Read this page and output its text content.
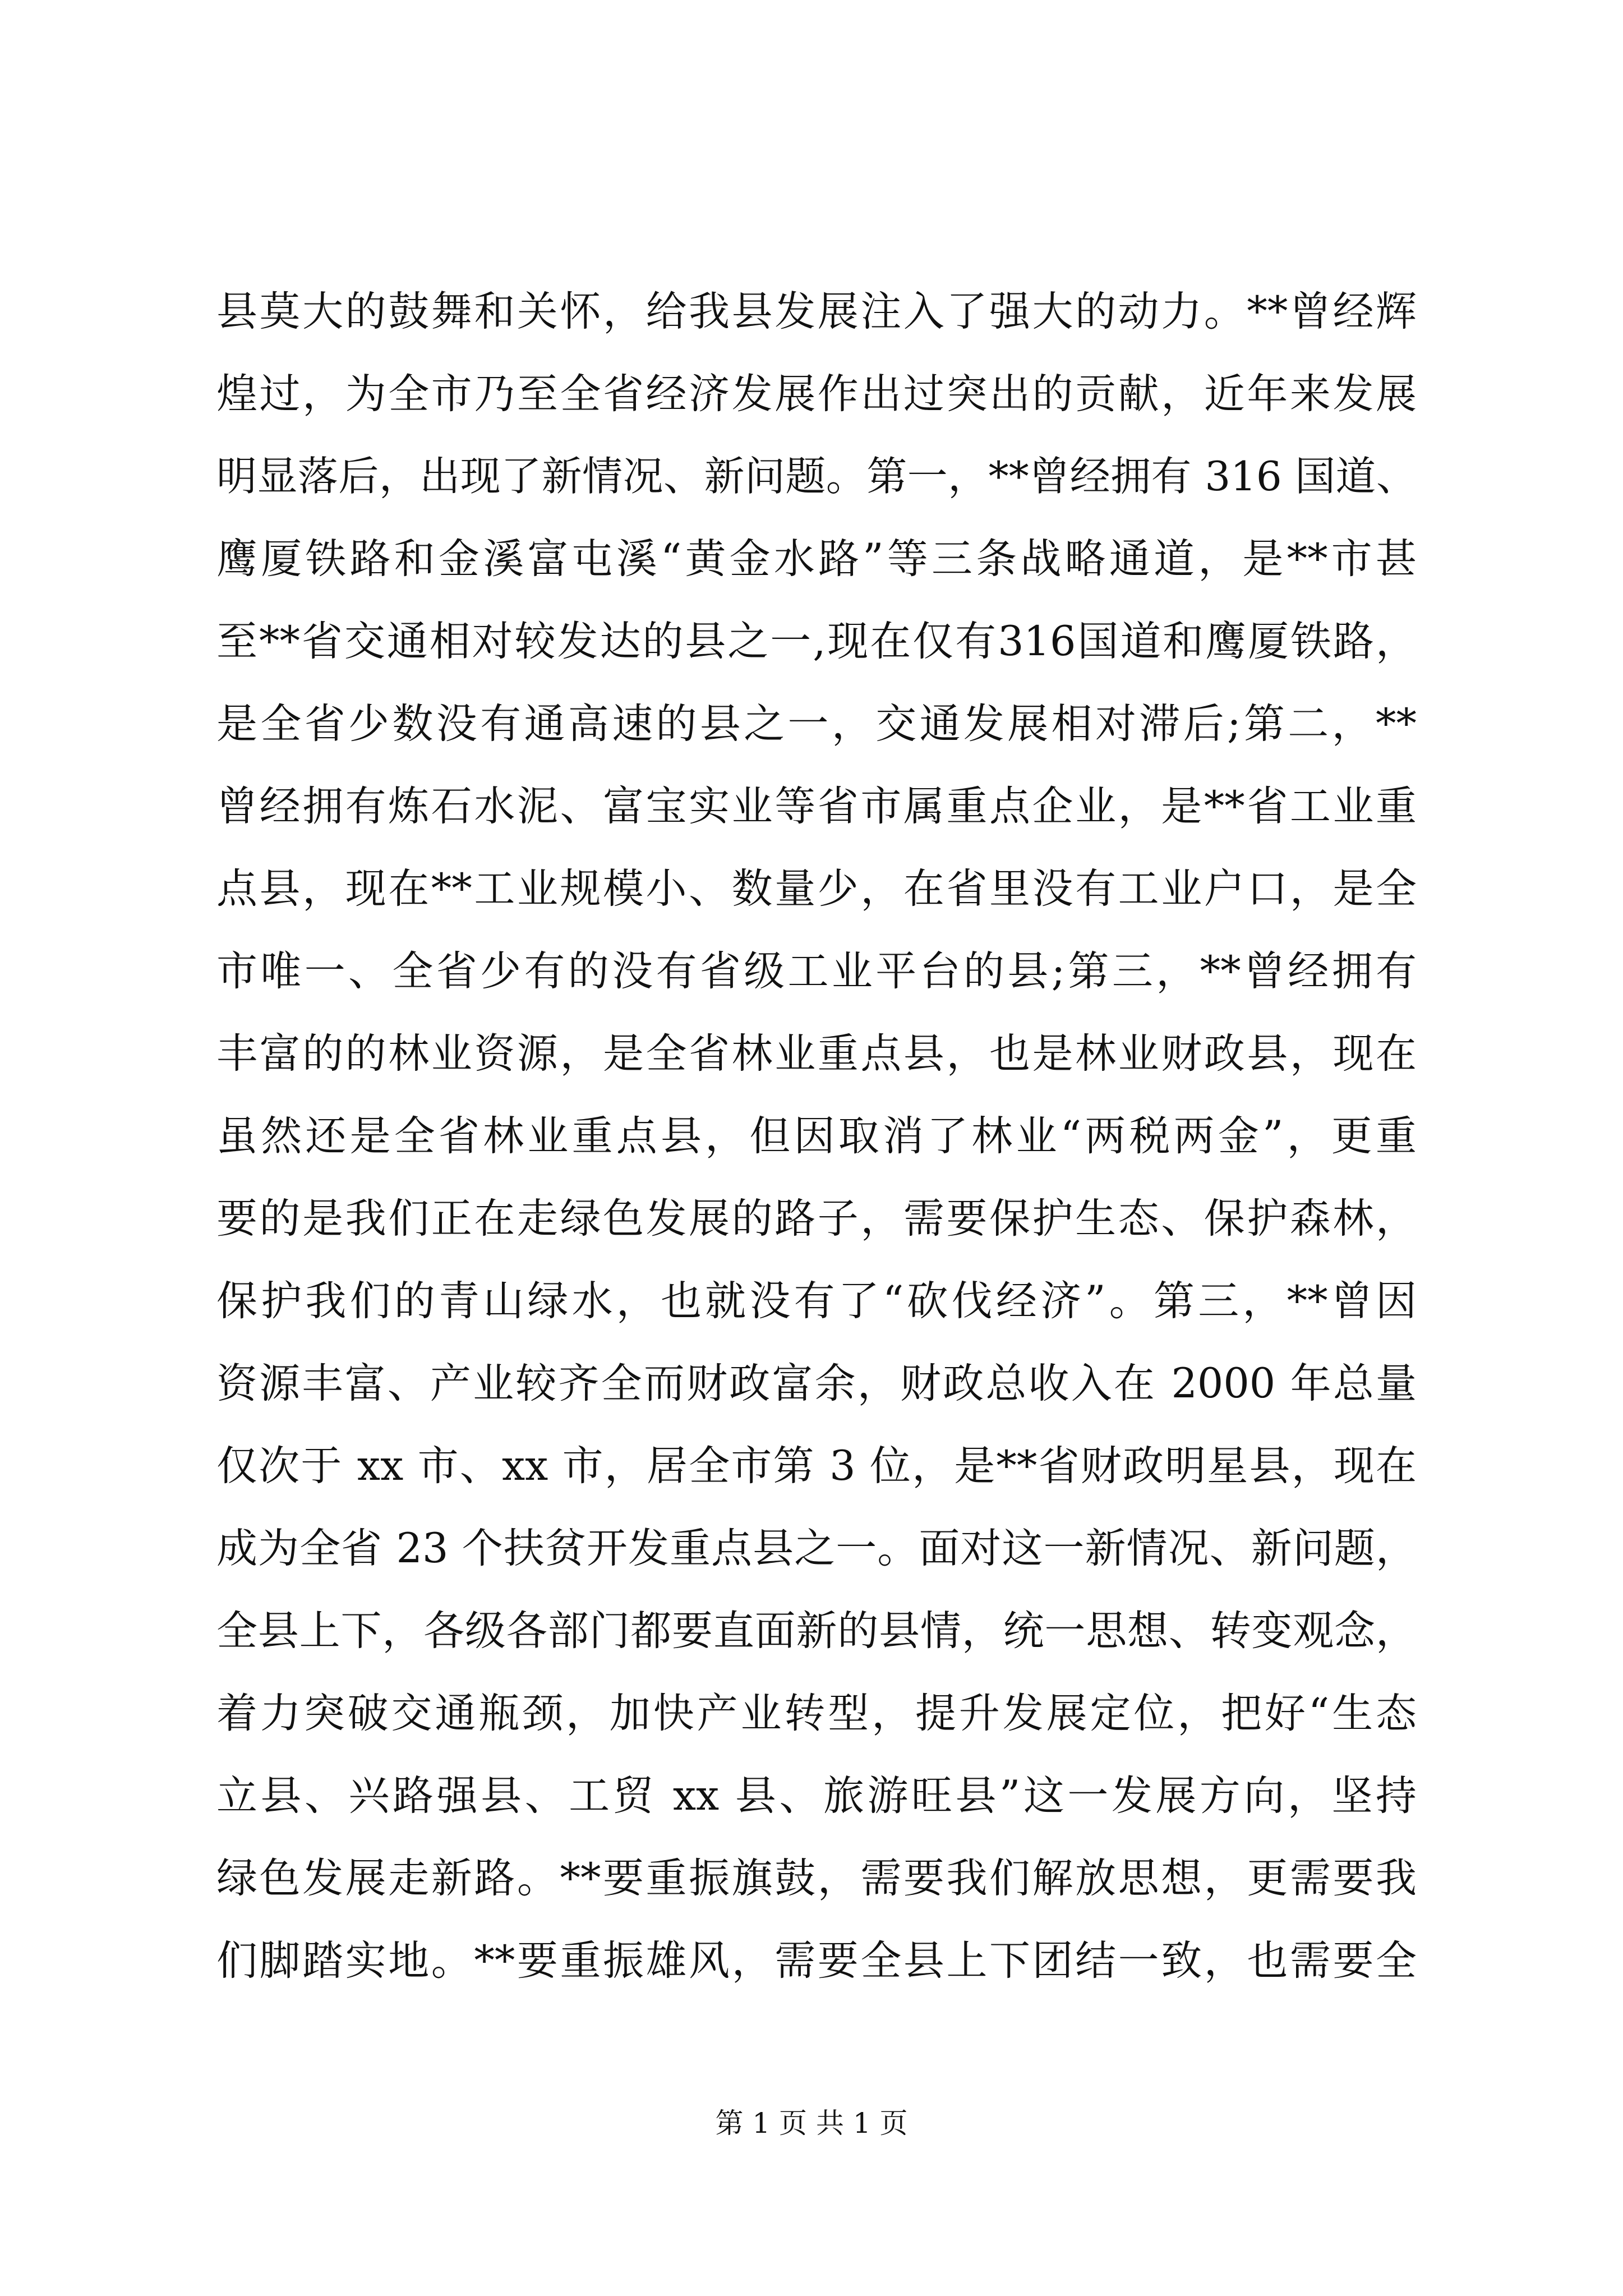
县莫大的鼓舞和关怀，给我县发展注入了强大的动力。**曾经辉
煌过，为全市乃至全省经济发展作出过突出的贡献，近年来发展
明显落后，出现了新情况、新问题。第一，**曾经拥有 316 国道、
鹰厦铁路和金溪富屯溪“黄金水路”等三条战略通道，是**市甚
至**省交通相对较发达的县之一,现在仅有316国道和鹰厦铁路，
是全省少数没有通高速的县之一，交通发展相对滞后;第二，**
曾经拥有炼石水泥、富宝实业等省市属重点企业，是**省工业重
点县，现在**工业规模小、数量少，在省里没有工业户口，是全
市唯一、全省少有的没有省级工业平台的县;第三，**曾经拥有
丰富的的林业资源，是全省林业重点县，也是林业财政县，现在
虽然还是全省林业重点县，但因取消了林业“两税两金”，更重
要的是我们正在走绿色发展的路子，需要保护生态、保护森林，
保护我们的青山绿水，也就没有了“砍伐经济”。第三，**曾因
资源丰富、产业较齐全而财政富余，财政总收入在 2000 年总量
仅次于 xx 市、xx 市，居全市第 3 位，是**省财政明星县，现在
成为全省 23 个扶贫开发重点县之一。面对这一新情况、新问题，
全县上下，各级各部门都要直面新的县情，统一思想、转变观念，
着力突破交通瓶颈，加快产业转型，提升发展定位，把好“生态
立县、兴路强县、工贸 xx 县、旅游旺县”这一发展方向，坚持
绿色发展走新路。**要重振旗鼓，需要我们解放思想，更需要我
们脚踏实地。**要重振雄风，需要全县上下团结一致，也需要全
第 1 页 共 1 页
